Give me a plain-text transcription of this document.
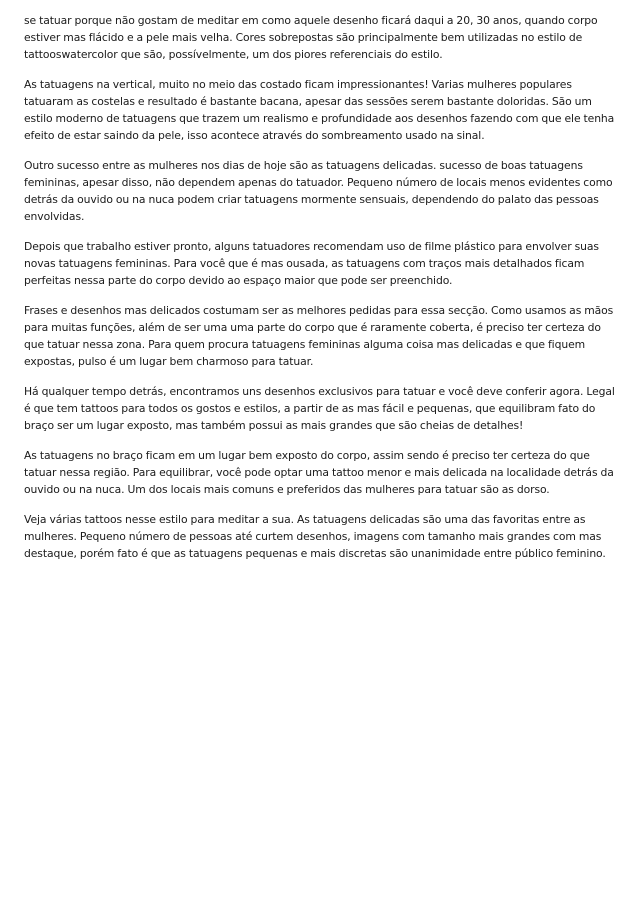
se tatuar porque não gostam de meditar em como aquele desenho ficará daqui a 20, 30 anos, quando corpo estiver mas flácido e a pele mais velha. Cores sobrepostas são principalmente bem utilizadas no estilo de tattooswatercolor que são, possívelmente, um dos piores referenciais do estilo.

As tatuagens na vertical, muito no meio das costado ficam impressionantes! Varias mulheres populares tatuaram as costelas e resultado é bastante bacana, apesar das sessões serem bastante doloridas. São um estilo moderno de tatuagens que trazem um realismo e profundidade aos desenhos fazendo com que ele tenha efeito de estar saindo da pele, isso acontece através do sombreamento usado na sinal.

Outro sucesso entre as mulheres nos dias de hoje são as tatuagens delicadas. sucesso de boas tatuagens femininas, apesar disso, não dependem apenas do tatuador. Pequeno número de locais menos evidentes como detrás da ouvido ou na nuca podem criar tatuagens mormente sensuais, dependendo do palato das pessoas envolvidas.

Depois que trabalho estiver pronto, alguns tatuadores recomendam uso de filme plástico para envolver suas novas tatuagens femininas. Para você que é mas ousada, as tatuagens com traços mais detalhados ficam perfeitas nessa parte do corpo devido ao espaço maior que pode ser preenchido.

Frases e desenhos mas delicados costumam ser as melhores pedidas para essa secção. Como usamos as mãos para muitas funções, além de ser uma uma parte do corpo que é raramente coberta, é preciso ter certeza do que tatuar nessa zona. Para quem procura tatuagens femininas alguma coisa mas delicadas e que fiquem expostas, pulso é um lugar bem charmoso para tatuar.

Há qualquer tempo detrás, encontramos uns desenhos exclusivos para tatuar e você deve conferir agora. Legal é que tem tattoos para todos os gostos e estilos, a partir de as mas fácil e pequenas, que equilibram fato do braço ser um lugar exposto, mas também possui as mais grandes que são cheias de detalhes!

As tatuagens no braço ficam em um lugar bem exposto do corpo, assim sendo é preciso ter certeza do que tatuar nessa região. Para equilibrar, você pode optar uma tattoo menor e mais delicada na localidade detrás da ouvido ou na nuca. Um dos locais mais comuns e preferidos das mulheres para tatuar são as dorso.

Veja várias tattoos nesse estilo para meditar a sua. As tatuagens delicadas são uma das favoritas entre as mulheres. Pequeno número de pessoas até curtem desenhos, imagens com tamanho mais grandes com mas destaque, porém fato é que as tatuagens pequenas e mais discretas são unanimidade entre público feminino.
